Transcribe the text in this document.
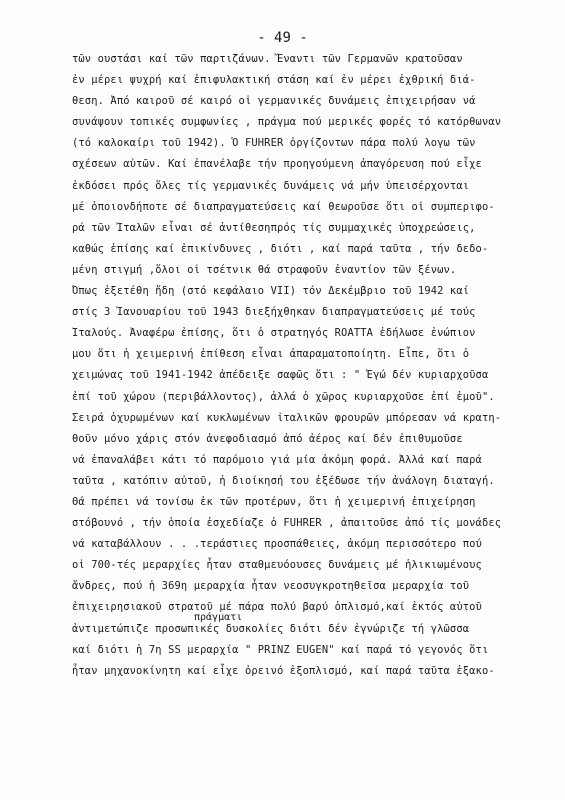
- 49 -
τῶν ουστάσι καί τῶν παρτιζάνων. Ἔναντι τῶν Γερμανῶν κρατοῦσαν
ἐν μέρει ψυχρή καί ἐπιφυλακτική στάση καί ἐν μέρει ἐχθρική διά-
θεση. Ἀπό καιροῦ σέ καιρό οἱ γερμανικές δυνάμεις ἐπιχειρήσαν νά
συνάψουν τοπικές συμφωνίες , πράγμα πού μερικές φορές τό κατόρθωναν
(τό καλοκαίρι τοῦ 1942). Ὁ FUHRER ὀργίζοντων πάρα πολύ λογω τῶν
σχέσεων αὐτῶν. Καί ἐπανέλαβε τήν προηγούμενη ἀπαγόρευση πού εἶχε
ἐκδόσει πρός ὅλες τίς γερμανικές δυνάμεις νά μήν ὑπεισέρχονται
μέ ὁποιονδήποτε σέ διαπραγματεύσεις καί θεωροῦσε ὅτι οἱ συμπεριφο-
ρά τῶν Ἰταλῶν εἶναι σέ ἀντίθεσηπρός τίς συμμαχικές ὑποχρεώσεις,
καθώς ἐπίσης καί ἐπικίνδυνες , διότι , καί παρά ταῦτα , τήν δεδο-
μένη στιγμή ,ὅλοι οἱ τσέτνικ θά στραφοῦν ἐναντίον τῶν ξένων.
Ὅπως ἐξετέθη ἤδη (στό κεφάλαιο VII) τόν Δεκέμβριο τοῦ 1942 καί
στίς 3 Ἰανουαρίου τοῦ 1943 διεξήχθηκαν διαπραγματεύσεις μέ τούς
Ἰταλούς. Ἀναφέρω ἐπίσης, ὅτι ὁ στρατηγός ROATTA ἐδήλωσε ἐνώπιον
μου ὅτι ἡ χειμερινή ἐπίθεση εἶναι ἀπαραματοποίητη. Εἶπε, ὅτι ὁ
χειμώνας τοῦ 1941-1942 ἀπέδειξε σαφῶς ὅτι : " Ἐγώ δέν κυριαρχοῦσα
ἐπί τοῦ χώρου (περιβάλλοντος), ἀλλά ὁ χῶρος κυριαρχοῦσε ἐπί ἐμοῦ".
Σειρά ὀχυρωμένων καί κυκλωμένων ἰταλικῶν φρουρῶν μπόρεσαν νά κρατη-
θοῦν μόνο χάρις στόν ἀνεφοδιασμό ἀπό ἀέρος καί δέν ἐπιθυμοῦσε
νά ἐπαναλάβει κάτι τό παρόμοιο γιά μία ἀκόμη φορά. Ἀλλά καί παρά
ταῦτα , κατόπιν αὐτοῦ, ἡ διοίκησή του ἐξέδωσε τήν ἀνάλογη διαταγή.
Θά πρέπει νά τονίσω ἐκ τῶν προτέρων, ὅτι ἡ χειμερινή ἐπιχείρηση
στόβουνό , τήν ὁποία ἐσχεδίαζε ὁ FUHRER , ἀπαιτοῦσε ἀπό τίς μονάδες
νά καταβάλλουν . . .τεράστιες προσπάθειες, ἀκόμη περισσότερο πού
οἱ 700-τές μεραρχίες ἦταν σταθμευόουσες δυνάμεις μέ ἡλικιωμένους
ἄνδρες, πού ἡ 369η μεραρχία ἦταν νεοσυγκροτηθεῖσα μεραρχία τοῦ
ἐπιχειρησιακοῦ στρατοῦ μέ πάρα πολύ βαρύ ὁπλισμό,καί ἐκτός αὐτοῦ
ἀντιμετώπιζε προσωπικές δυσκολίες διότι δέν ἐγνώριζε τή γλῶσσα
καί διότι ἡ 7η SS μεραρχία " PRINZ EUGEN" καί παρά τό γεγονός ὅτι
ἦταν μηχανοκίνητη καί εἶχε ὀρεινό ἐξοπλισμό, καί παρά ταῦτα ἐξακο-
πράγματι
